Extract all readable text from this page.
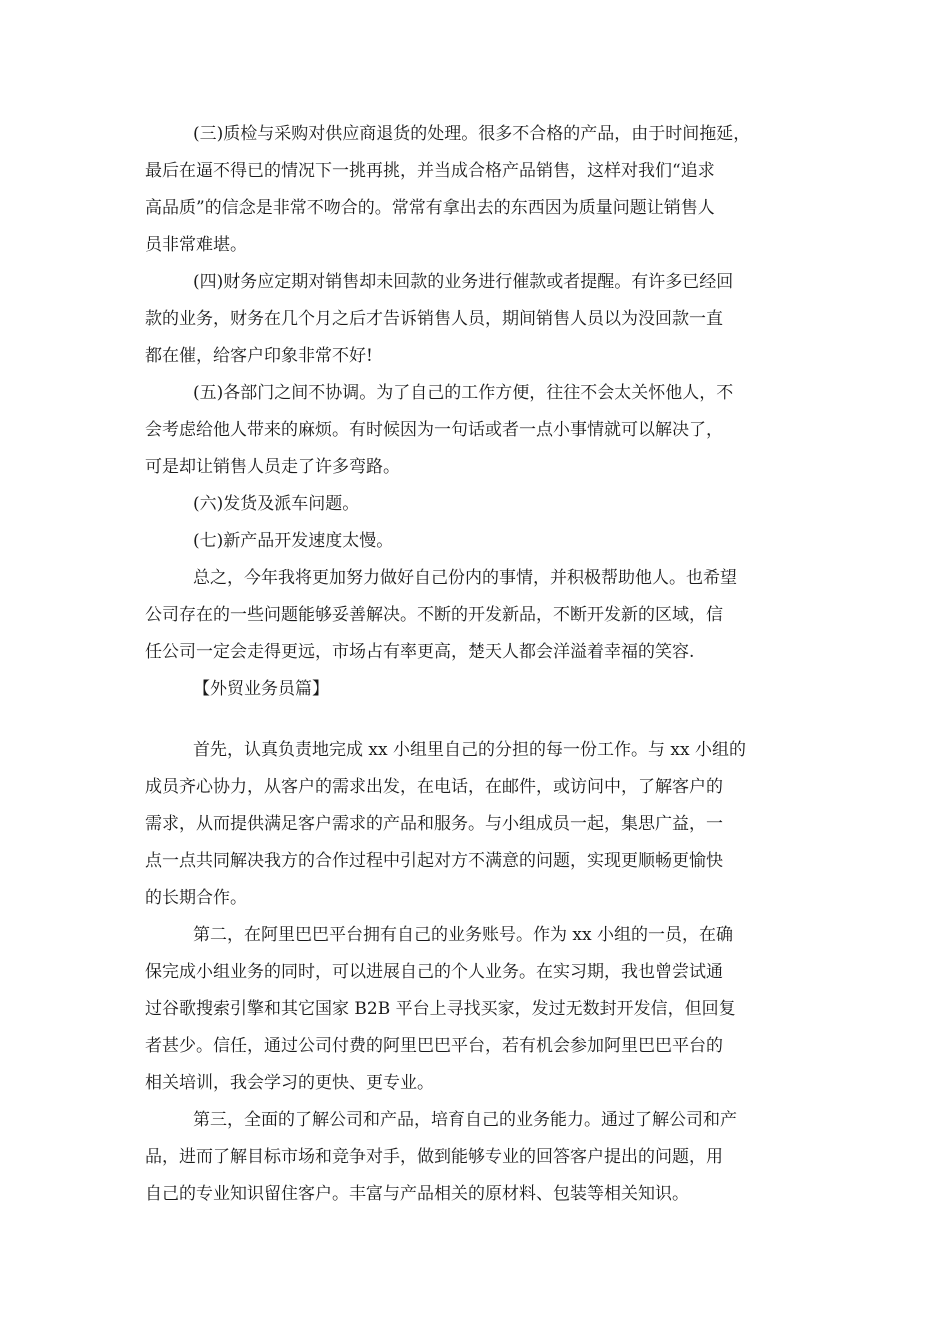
(三)质检与采购对供应商退货的处理。很多不合格的产品，由于时间拖延，
最后在逼不得已的情况下一挑再挑，并当成合格产品销售，这样对我们“追求
高品质”的信念是非常不吻合的。常常有拿出去的东西因为质量问题让销售人
员非常难堪。
(四)财务应定期对销售却未回款的业务进行催款或者提醒。有许多已经回
款的业务，财务在几个月之后才告诉销售人员，期间销售人员以为没回款一直
都在催，给客户印象非常不好!
(五)各部门之间不协调。为了自己的工作方便，往往不会太关怀他人，不
会考虑给他人带来的麻烦。有时候因为一句话或者一点小事情就可以解决了，
可是却让销售人员走了许多弯路。
(六)发货及派车问题。
(七)新产品开发速度太慢。
总之，今年我将更加努力做好自己份内的事情，并积极帮助他人。也希望
公司存在的一些问题能够妥善解决。不断的开发新品，不断开发新的区域，信
任公司一定会走得更远，市场占有率更高，楚天人都会洋溢着幸福的笑容.
【外贸业务员篇】
首先，认真负责地完成 xx 小组里自己的分担的每一份工作。与 xx 小组的
成员齐心协力，从客户的需求出发，在电话，在邮件，或访问中，了解客户的
需求，从而提供满足客户需求的产品和服务。与小组成员一起，集思广益，一
点一点共同解决我方的合作过程中引起对方不满意的问题，实现更顺畅更愉快
的长期合作。
第二，在阿里巴巴平台拥有自己的业务账号。作为 xx 小组的一员，在确
保完成小组业务的同时，可以进展自己的个人业务。在实习期，我也曾尝试通
过谷歌搜索引擎和其它国家 B2B 平台上寻找买家，发过无数封开发信，但回复
者甚少。信任，通过公司付费的阿里巴巴平台，若有机会参加阿里巴巴平台的
相关培训，我会学习的更快、更专业。
第三，全面的了解公司和产品，培育自己的业务能力。通过了解公司和产
品，进而了解目标市场和竞争对手，做到能够专业的回答客户提出的问题，用
自己的专业知识留住客户。丰富与产品相关的原材料、包装等相关知识。
